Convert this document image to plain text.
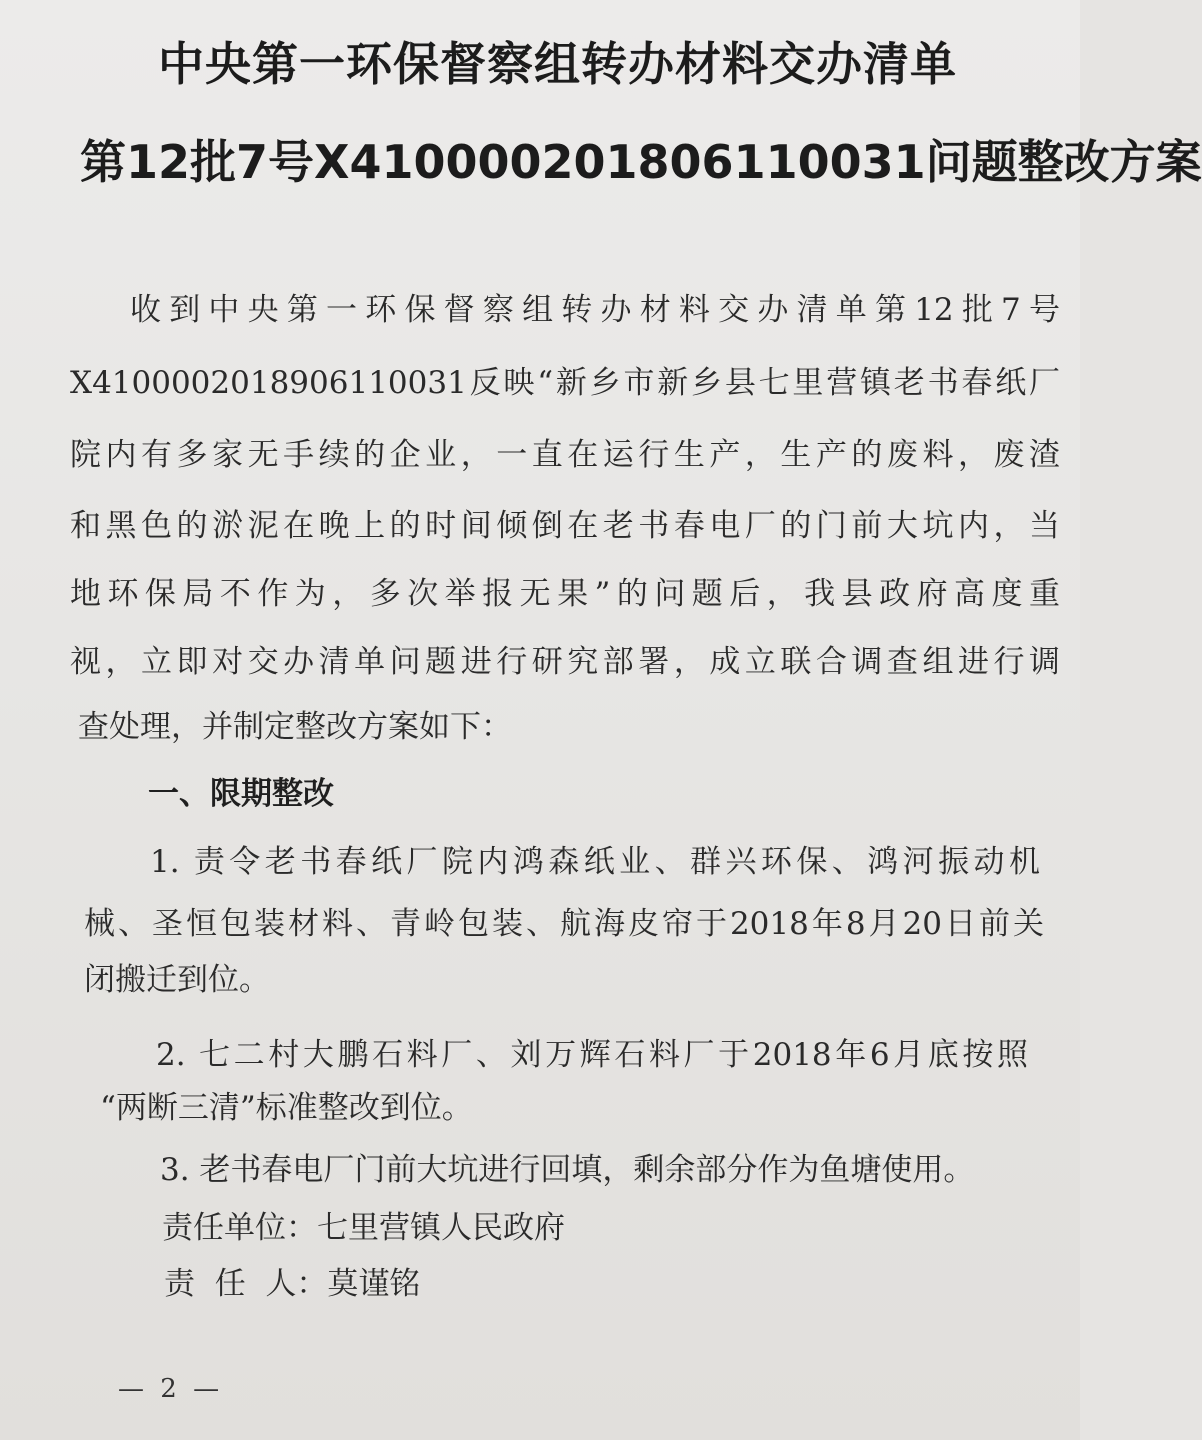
中央第一环保督察组转办材料交办清单
第12批7号X41000020180611003​1问题整改方案
收到中央第一环保督察组转办材料交办清单第12批7号
X410000201890611003​1反映“新乡市新乡县七里营镇老书春纸厂
院内有多家无手续的企业，一直在运行生产，生产的废料，废渣
和黑色的淤泥在晚上的时间倾倒在老书春电厂的门前大坑内，当
地环保局不作为，多次举报无果”的问题后，我县政府高度重
视，立即对交办清单问题进行研究部署，成立联合调查组进行调
查处理，并制定整改方案如下：
一、限期整改
1. 责令老书春纸厂院内鸿森纸业、群兴环保、鸿河振动机
械、圣恒包装材料、青岭包装、航海皮帘于2018年8月20日前关
闭搬迁到位。
2. 七二村大鹏石料厂、刘万辉石料厂于2018年6月底按照
“两断三清”标准整改到位。
3. 老书春电厂门前大坑进行回填，剩余部分作为鱼塘使用。
责任单位：七里营镇人民政府
责  任  人：莫谨铭
— 2 —
